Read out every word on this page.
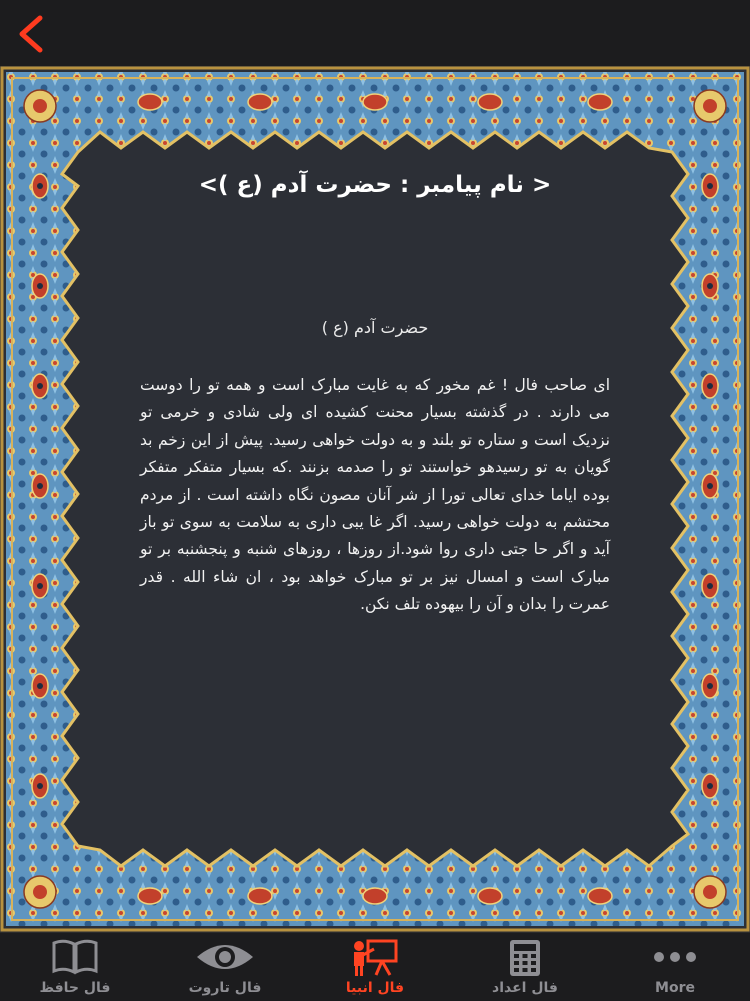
< نام پیامبر : حضرت آدم (ع )>
حضرت آدم (ع )

ای صاحب فال ! غم مخور که به غایت مبارک است و همه تو را دوست می دارند . در گذشته بسیار محنت کشیده ای ولی شادی و خرمی تو نزدیک است و ستاره تو بلند و به دولت خواهی رسید. پیش از این زخم بد گویان به تو رسیدهو خواستند تو را صدمه بزنند .که بسیار متفکر متفکر بوده ایاما خدای تعالی تورا از شر آنان مصون نگاه داشته است . از مردم محتشم به دولت خواهی رسید. اگر غا یبی داری به سلامت به سوی تو باز آید و اگر حا جتی داری روا شود.از روزها ، روزهای شنبه و پنجشنبه بر تو مبارک است و امسال نیز بر تو مبارک خواهد بود ، ان شاء الله . قدر عمرت را بدان و آن را بیهوده تلف نکن.

فال حافظ	فال تاروت	فال انبیا	فال اعداد	More
